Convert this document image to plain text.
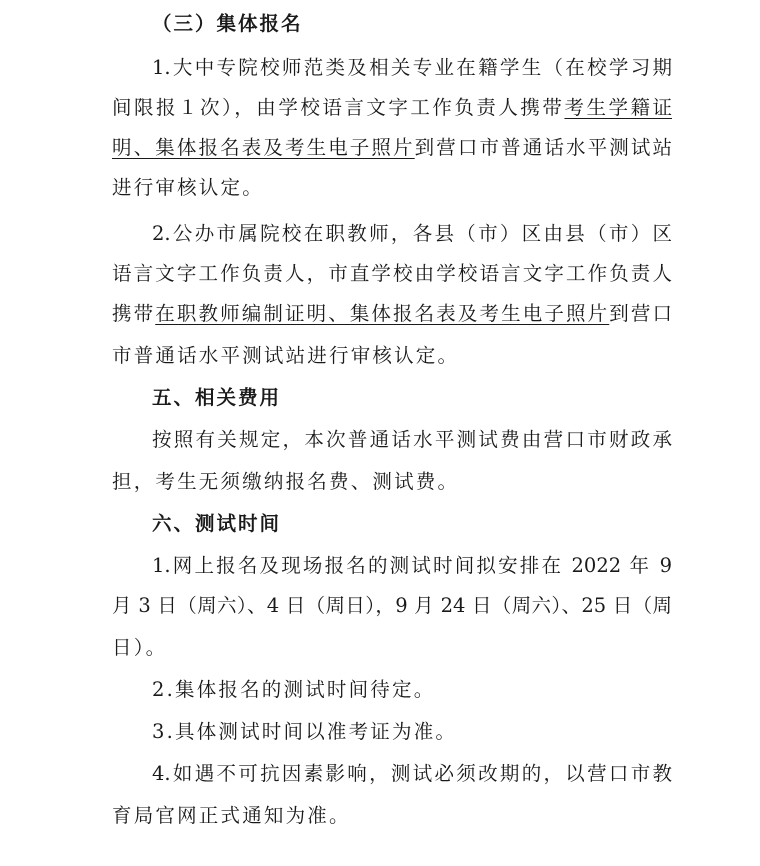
（三）集体报名
1.大中专院校师范类及相关专业在籍学生（在校学习期
间限报１次），由学校语言文字工作负责人携带考生学籍证
明、集体报名表及考生电子照片到营口市普通话水平测试站
进行审核认定。
2.公办市属院校在职教师，各县（市）区由县（市）区
语言文字工作负责人，市直学校由学校语言文字工作负责人
携带在职教师编制证明、集体报名表及考生电子照片到营口
市普通话水平测试站进行审核认定。
五、相关费用
按照有关规定，本次普通话水平测试费由营口市财政承
担，考生无须缴纳报名费、测试费。
六、测试时间
1.网上报名及现场报名的测试时间拟安排在 2022 年 9
月 3 日（周六）、4 日（周日），9 月 24 日（周六）、25 日（周
日）。
2.集体报名的测试时间待定。
3.具体测试时间以准考证为准。
4.如遇不可抗因素影响，测试必须改期的，以营口市教
育局官网正式通知为准。
